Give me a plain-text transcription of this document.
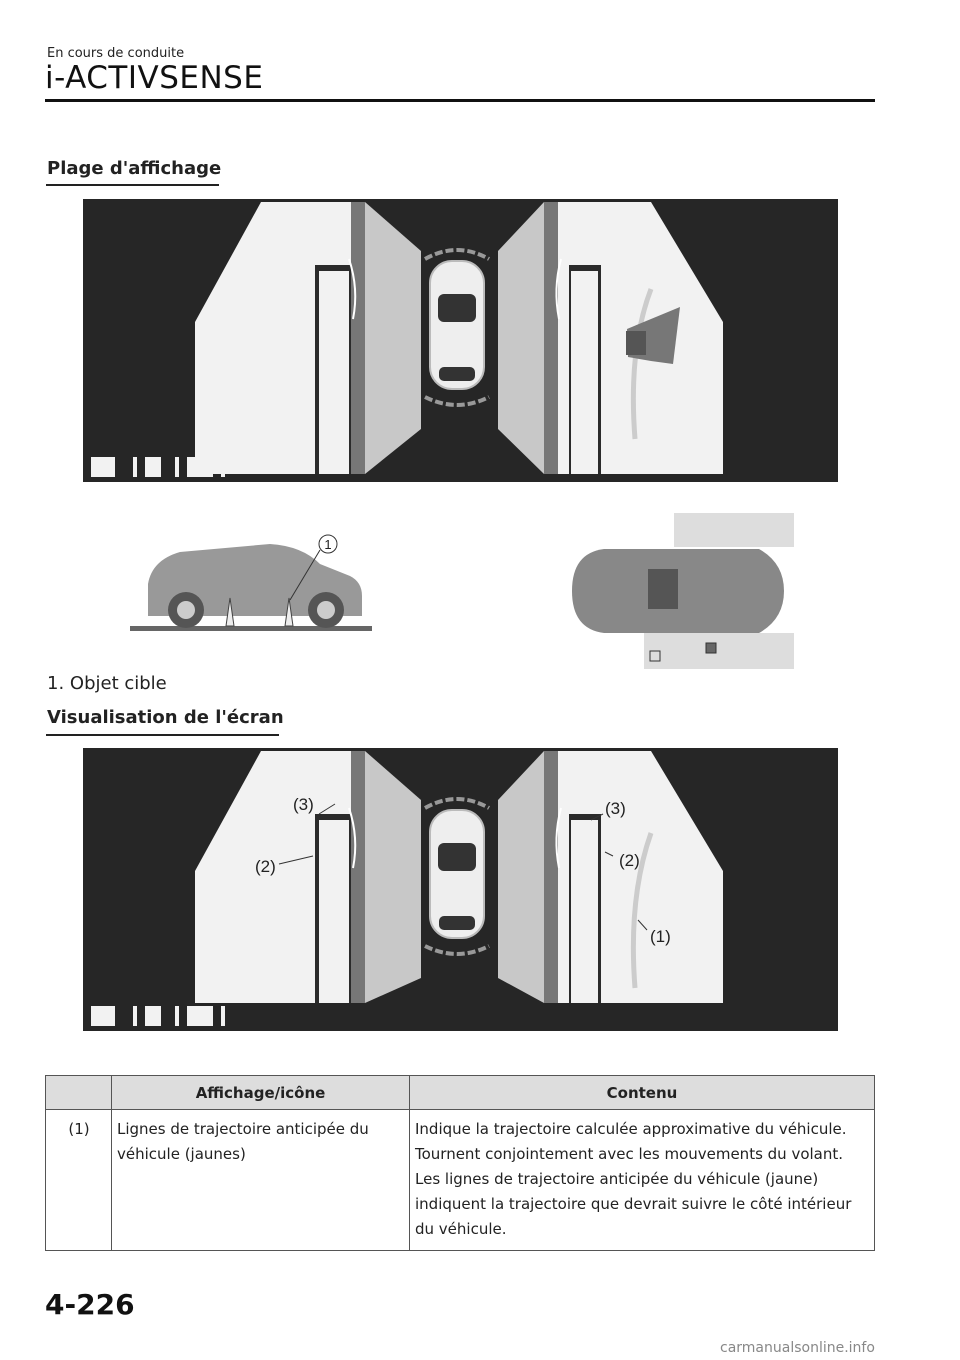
En cours de conduite
i-ACTIVSENSE
Plage d'affichage
1
1. Objet cible
Visualisation de l'écran
(3)
(2)
(3)
(2)
(1)
	Affichage/icône	Contenu
(1)	Lignes de trajectoire anticipée du véhicule (jaunes)	Indique la trajectoire calculée approximative du véhicule. Tournent conjointement avec les mouvements du volant. Les lignes de trajectoire anticipée du véhicule (jaune) indiquent la trajectoire que devrait suivre le côté intérieur du véhicule.
4-226
carmanualsonline.info
